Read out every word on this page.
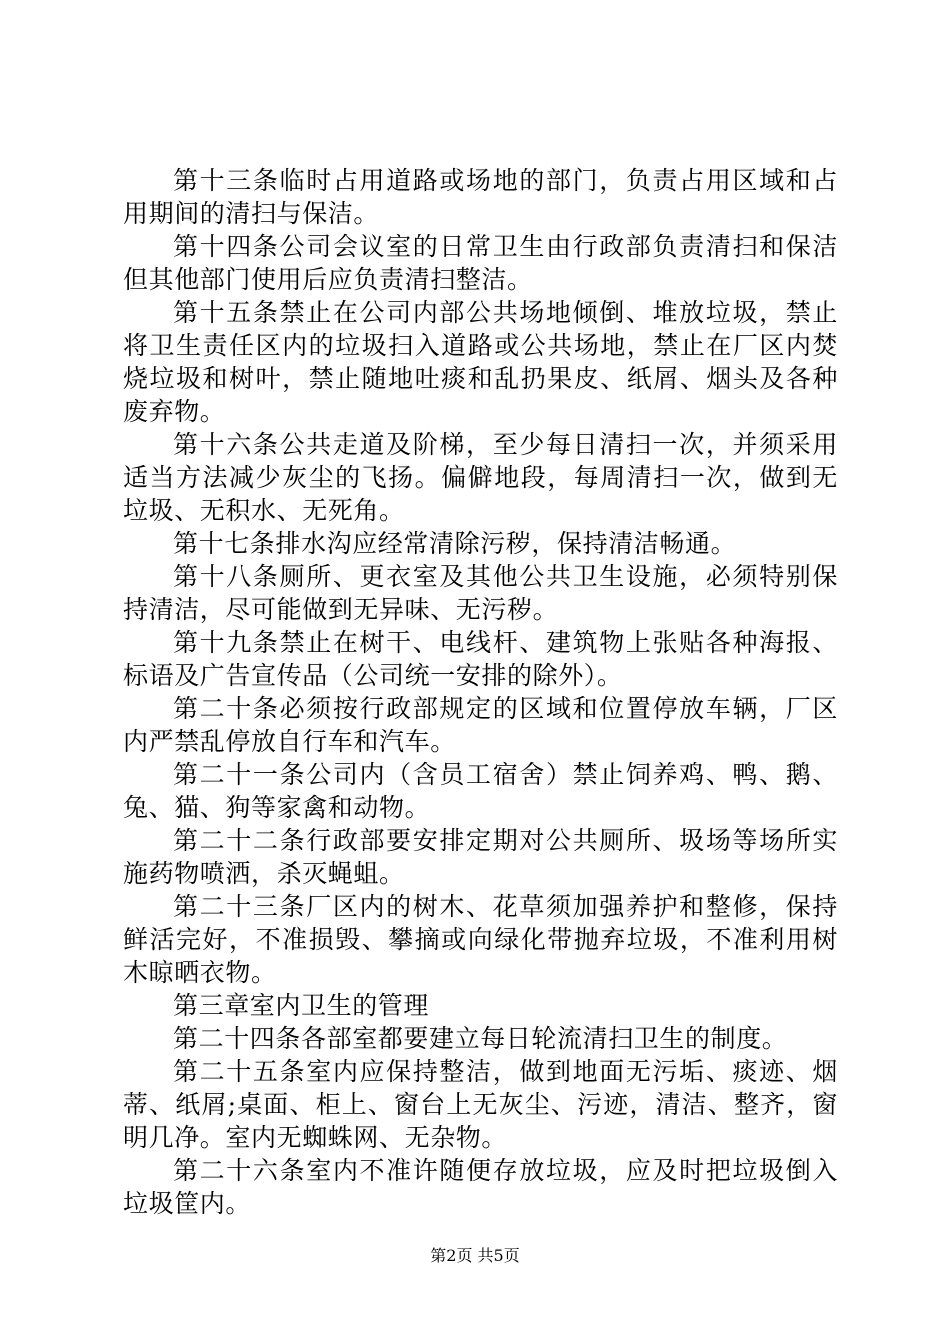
第十三条临时占用道路或场地的部门，负责占用区域和占用期间的清扫与保洁。

第十四条公司会议室的日常卫生由行政部负责清扫和保洁但其他部门使用后应负责清扫整洁。

第十五条禁止在公司内部公共场地倾倒、堆放垃圾，禁止将卫生责任区内的垃圾扫入道路或公共场地，禁止在厂区内焚烧垃圾和树叶，禁止随地吐痰和乱扔果皮、纸屑、烟头及各种废弃物。

第十六条公共走道及阶梯，至少每日清扫一次，并须采用适当方法减少灰尘的飞扬。偏僻地段，每周清扫一次，做到无垃圾、无积水、无死角。

第十七条排水沟应经常清除污秽，保持清洁畅通。

第十八条厕所、更衣室及其他公共卫生设施，必须特别保持清洁，尽可能做到无异味、无污秽。

第十九条禁止在树干、电线杆、建筑物上张贴各种海报、标语及广告宣传品（公司统一安排的除外）。

第二十条必须按行政部规定的区域和位置停放车辆，厂区内严禁乱停放自行车和汽车。

第二十一条公司内（含员工宿舍）禁止饲养鸡、鸭、鹅、兔、猫、狗等家禽和动物。

第二十二条行政部要安排定期对公共厕所、圾场等场所实施药物喷洒，杀灭蝇蛆。

第二十三条厂区内的树木、花草须加强养护和整修，保持鲜活完好，不准损毁、攀摘或向绿化带抛弃垃圾，不准利用树木晾晒衣物。

第三章室内卫生的管理

第二十四条各部室都要建立每日轮流清扫卫生的制度。

第二十五条室内应保持整洁，做到地面无污垢、痰迹、烟蒂、纸屑;桌面、柜上、窗台上无灰尘、污迹，清洁、整齐，窗明几净。室内无蜘蛛网、无杂物。

第二十六条室内不准许随便存放垃圾，应及时把垃圾倒入垃圾筐内。

第2页 共5页
